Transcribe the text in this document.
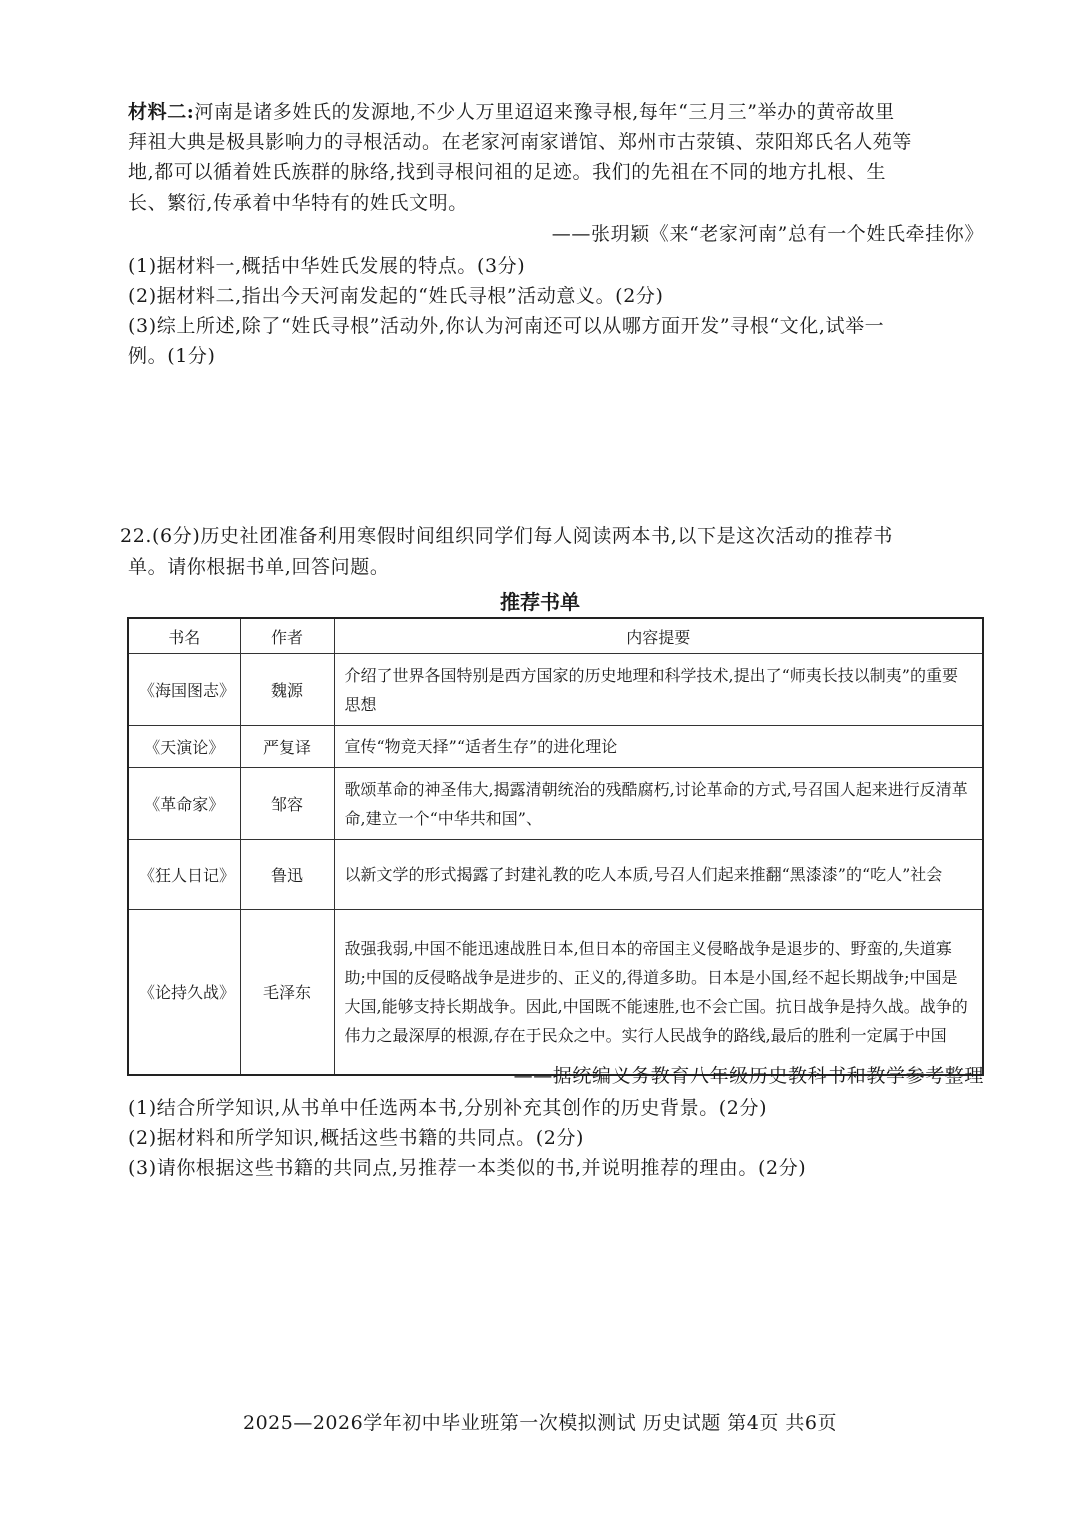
材料二:河南是诸多姓氏的发源地,不少人万里迢迢来豫寻根,每年“三月三”举办的黄帝故里
拜祖大典是极具影响力的寻根活动。在老家河南家谱馆、郑州市古荥镇、荥阳郑氏名人苑等
地,都可以循着姓氏族群的脉络,找到寻根问祖的足迹。我们的先祖在不同的地方扎根、生
长、繁衍,传承着中华特有的姓氏文明。
——张玥颖《来“老家河南”总有一个姓氏牵挂你》
(1)据材料一,概括中华姓氏发展的特点。(3分)
(2)据材料二,指出今天河南发起的“姓氏寻根”活动意义。(2分)
(3)综上所述,除了“姓氏寻根”活动外,你认为河南还可以从哪方面开发”寻根“文化,试举一
例。(1分)
22.(6分)历史社团准备利用寒假时间组织同学们每人阅读两本书,以下是这次活动的推荐书
单。请你根据书单,回答问题。
推荐书单
书名	作者	内容提要
《海国图志》	魏源	介绍了世界各国特别是西方国家的历史地理和科学技术,提出了“师夷长技以制夷”的重要思想
《天演论》	严复译	宣传“物竞天择”“适者生存”的进化理论
《革命家》	邹容	歌颂革命的神圣伟大,揭露清朝统治的残酷腐朽,讨论革命的方式,号召国人起来进行反清革命,建立一个“中华共和国”、
《狂人日记》	鲁迅	以新文学的形式揭露了封建礼教的吃人本质,号召人们起来推翻“黑漆漆”的“吃人”社会
《论持久战》	毛泽东	敌强我弱,中国不能迅速战胜日本,但日本的帝国主义侵略战争是退步的、野蛮的,失道寡助;中国的反侵略战争是进步的、正义的,得道多助。日本是小国,经不起长期战争;中国是大国,能够支持长期战争。因此,中国既不能速胜,也不会亡国。抗日战争是持久战。战争的伟力之最深厚的根源,存在于民众之中。实行人民战争的路线,最后的胜利一定属于中国
——据统编义务教育八年级历史教科书和教学参考整理
(1)结合所学知识,从书单中任选两本书,分别补充其创作的历史背景。(2分)
(2)据材料和所学知识,概括这些书籍的共同点。(2分)
(3)请你根据这些书籍的共同点,另推荐一本类似的书,并说明推荐的理由。(2分)
2025—2026学年初中毕业班第一次模拟测试 历史试题 第4页 共6页
